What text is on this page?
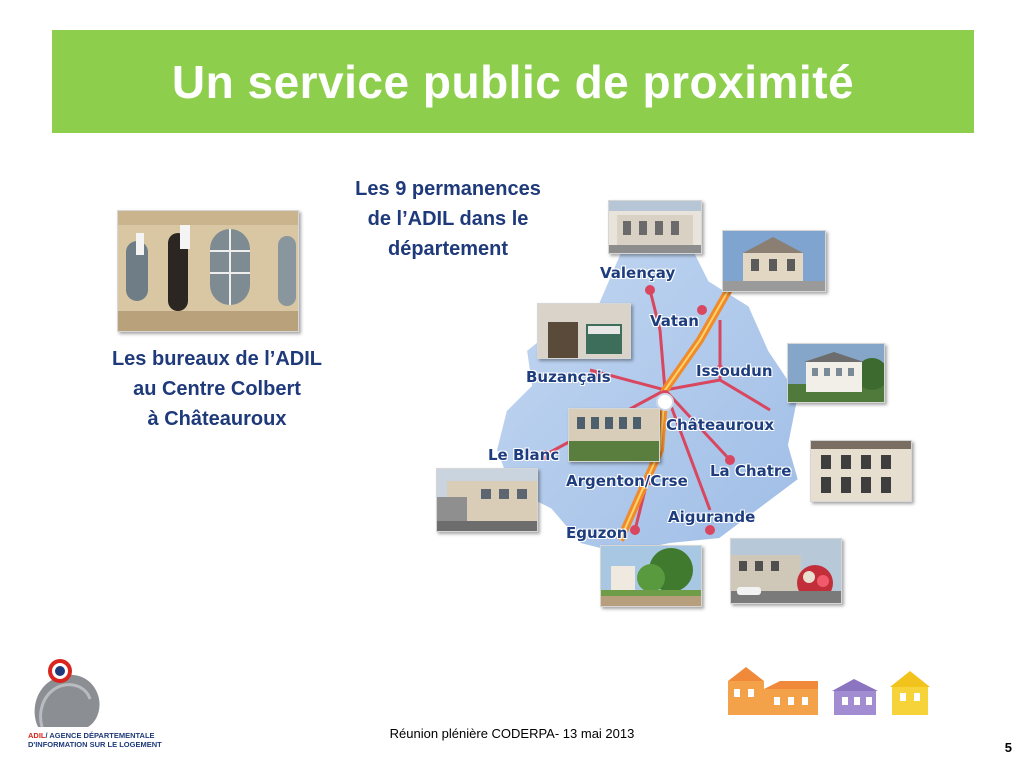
Un service public de proximité
Les bureaux de l’ADIL
au Centre Colbert
à Châteauroux
Les 9 permanences
de l’ADIL dans le
département
Valençay
Vatan
Issoudun
Buzançais
Châteauroux
Le Blanc
La Chatre
Argenton/Crse
Aigurande
Eguzon
ADIL/ AGENCE DÉPARTEMENTALE
D'INFORMATION SUR LE LOGEMENT
Réunion plénière CODERPA- 13 mai 2013
5
